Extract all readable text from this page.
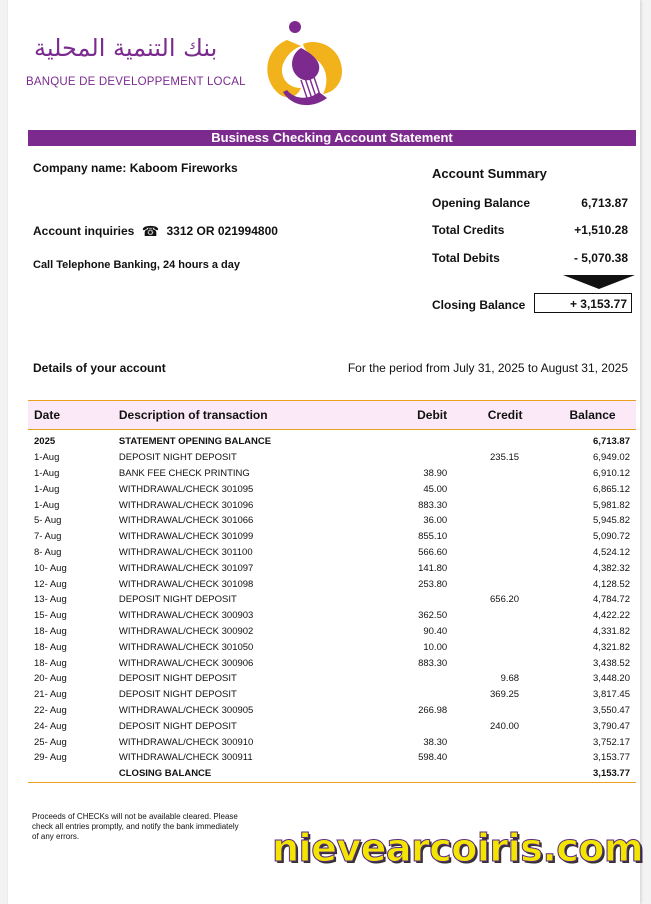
بنك التنمية المحلية
BANQUE DE DEVELOPPEMENT LOCAL
Business Checking Account Statement
Company name: Kaboom Fireworks
Account inquiries ☎ 3312 OR 021994800
Call Telephone Banking, 24 hours a day
Account Summary
Opening Balance	6,713.87
Total Credits	+1,510.28
Total Debits	- 5,070.38
Closing Balance	+ 3,153.77
Details of your account	For the period from July 31, 2025 to August 31, 2025
Date	Description of transaction	Debit	Credit	Balance
2025	STATEMENT OPENING BALANCE			6,713.87
1-Aug	DEPOSIT NIGHT DEPOSIT		235.15	6,949.02
1-Aug	BANK FEE CHECK PRINTING	38.90		6,910.12
1-Aug	WITHDRAWAL/CHECK 301095	45.00		6,865.12
1-Aug	WITHDRAWAL/CHECK 301096	883.30		5,981.82
5- Aug	WITHDRAWAL/CHECK 301066	36.00		5,945.82
7- Aug	WITHDRAWAL/CHECK 301099	855.10		5,090.72
8- Aug	WITHDRAWAL/CHECK 301100	566.60		4,524.12
10- Aug	WITHDRAWAL/CHECK 301097	141.80		4,382.32
12- Aug	WITHDRAWAL/CHECK 301098	253.80		4,128.52
13- Aug	DEPOSIT NIGHT DEPOSIT		656.20	4,784.72
15- Aug	WITHDRAWAL/CHECK 300903	362.50		4,422.22
18- Aug	WITHDRAWAL/CHECK 300902	90.40		4,331.82
18- Aug	WITHDRAWAL/CHECK 301050	10.00		4,321.82
18- Aug	WITHDRAWAL/CHECK 300906	883.30		3,438.52
20- Aug	DEPOSIT NIGHT DEPOSIT		9.68	3,448.20
21- Aug	DEPOSIT NIGHT DEPOSIT		369.25	3,817.45
22- Aug	WITHDRAWAL/CHECK 300905	266.98		3,550.47
24- Aug	DEPOSIT NIGHT DEPOSIT		240.00	3,790.47
25- Aug	WITHDRAWAL/CHECK 300910	38.30		3,752.17
29- Aug	WITHDRAWAL/CHECK 300911	598.40		3,153.77
	CLOSING BALANCE			3,153.77
Proceeds of CHECKs will not be available cleared. Please check all entries promptly, and notify the bank immediately of any errors.	nievearcoiris.com
